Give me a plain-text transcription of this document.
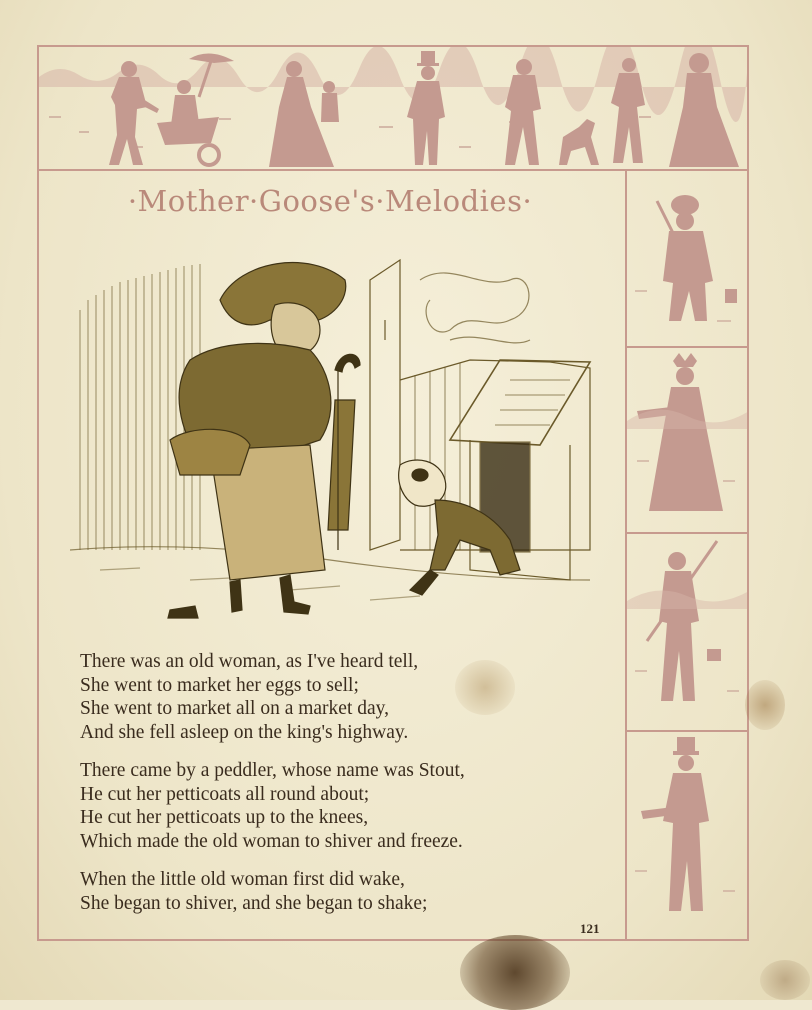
·Mother·Goose's·Melodies·
There was an old woman, as I've heard tell,
She went to market her eggs to sell;
She went to market all on a market day,
And she fell asleep on the king's highway.
There came by a peddler, whose name was Stout,
He cut her petticoats all round about;
He cut her petticoats up to the knees,
Which made the old woman to shiver and freeze.
When the little old woman first did wake,
She began to shiver, and she began to shake;
121
